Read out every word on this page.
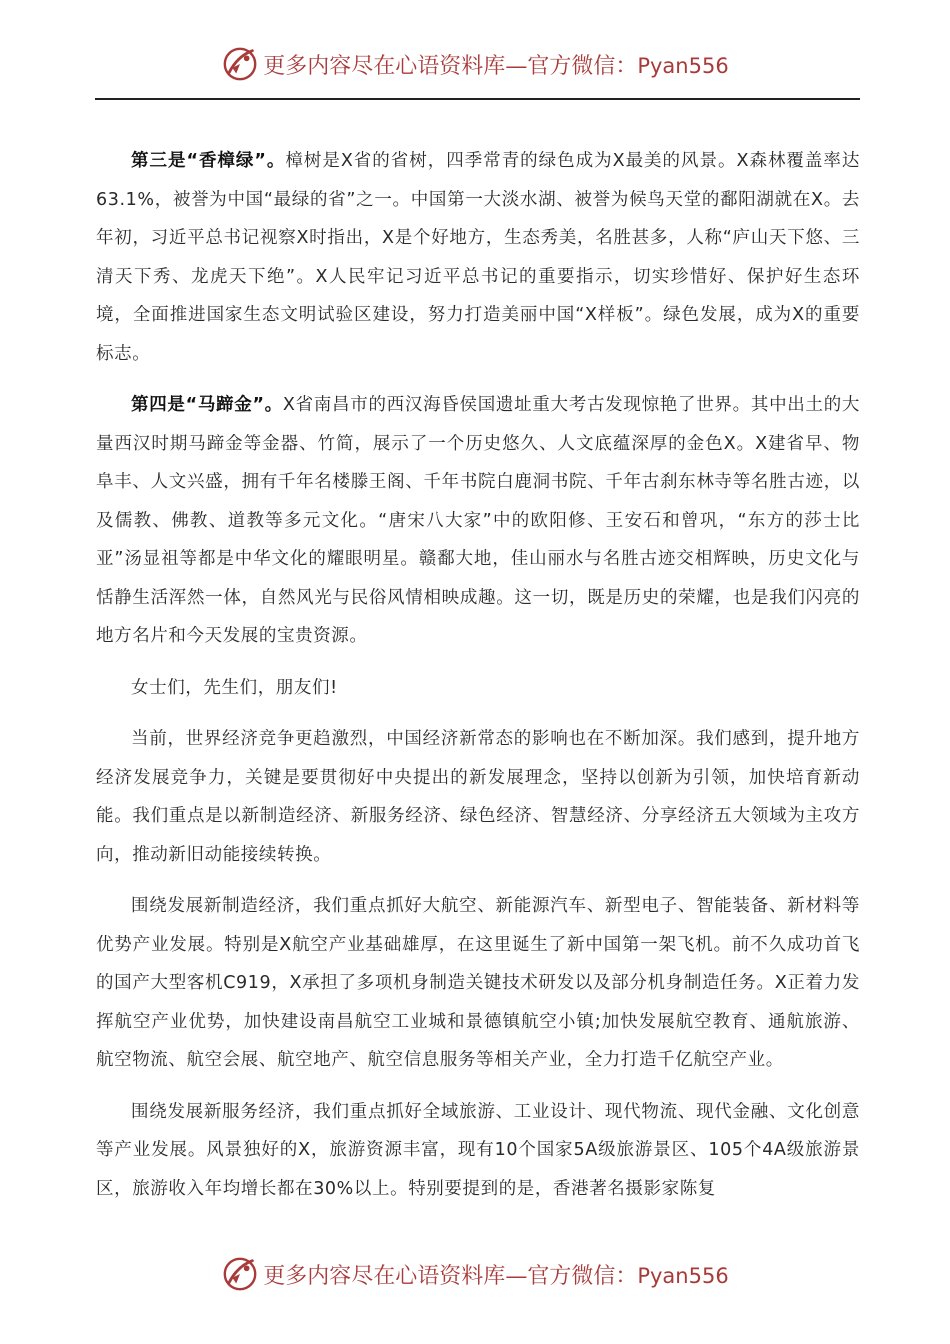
更多内容尽在心语资料库—官方微信：Pyan556

第三是“香樟绿”。樟树是X省的省树，四季常青的绿色成为X最美的风景。X森林覆盖率达63.1%，被誉为中国“最绿的省”之一。中国第一大淡水湖、被誉为候鸟天堂的鄱阳湖就在X。去年初，习近平总书记视察X时指出，X是个好地方，生态秀美，名胜甚多，人称“庐山天下悠、三清天下秀、龙虎天下绝”。X人民牢记习近平总书记的重要指示，切实珍惜好、保护好生态环境，全面推进国家生态文明试验区建设，努力打造美丽中国“X样板”。绿色发展，成为X的重要标志。

第四是“马蹄金”。X省南昌市的西汉海昏侯国遗址重大考古发现惊艳了世界。其中出土的大量西汉时期马蹄金等金器、竹简，展示了一个历史悠久、人文底蕴深厚的金色X。X建省早、物阜丰、人文兴盛，拥有千年名楼滕王阁、千年书院白鹿洞书院、千年古刹东林寺等名胜古迹，以及儒教、佛教、道教等多元文化。“唐宋八大家”中的欧阳修、王安石和曾巩，“东方的莎士比亚”汤显祖等都是中华文化的耀眼明星。赣鄱大地，佳山丽水与名胜古迹交相辉映，历史文化与恬静生活浑然一体，自然风光与民俗风情相映成趣。这一切，既是历史的荣耀，也是我们闪亮的地方名片和今天发展的宝贵资源。

女士们，先生们，朋友们!

当前，世界经济竞争更趋激烈，中国经济新常态的影响也在不断加深。我们感到，提升地方经济发展竞争力，关键是要贯彻好中央提出的新发展理念，坚持以创新为引领，加快培育新动能。我们重点是以新制造经济、新服务经济、绿色经济、智慧经济、分享经济五大领域为主攻方向，推动新旧动能接续转换。

围绕发展新制造经济，我们重点抓好大航空、新能源汽车、新型电子、智能装备、新材料等优势产业发展。特别是X航空产业基础雄厚，在这里诞生了新中国第一架飞机。前不久成功首飞的国产大型客机C919，X承担了多项机身制造关键技术研发以及部分机身制造任务。X正着力发挥航空产业优势，加快建设南昌航空工业城和景德镇航空小镇;加快发展航空教育、通航旅游、航空物流、航空会展、航空地产、航空信息服务等相关产业，全力打造千亿航空产业。

围绕发展新服务经济，我们重点抓好全域旅游、工业设计、现代物流、现代金融、文化创意等产业发展。风景独好的X，旅游资源丰富，现有10个国家5A级旅游景区、105个4A级旅游景区，旅游收入年均增长都在30%以上。特别要提到的是，香港著名摄影家陈复

更多内容尽在心语资料库—官方微信：Pyan556
